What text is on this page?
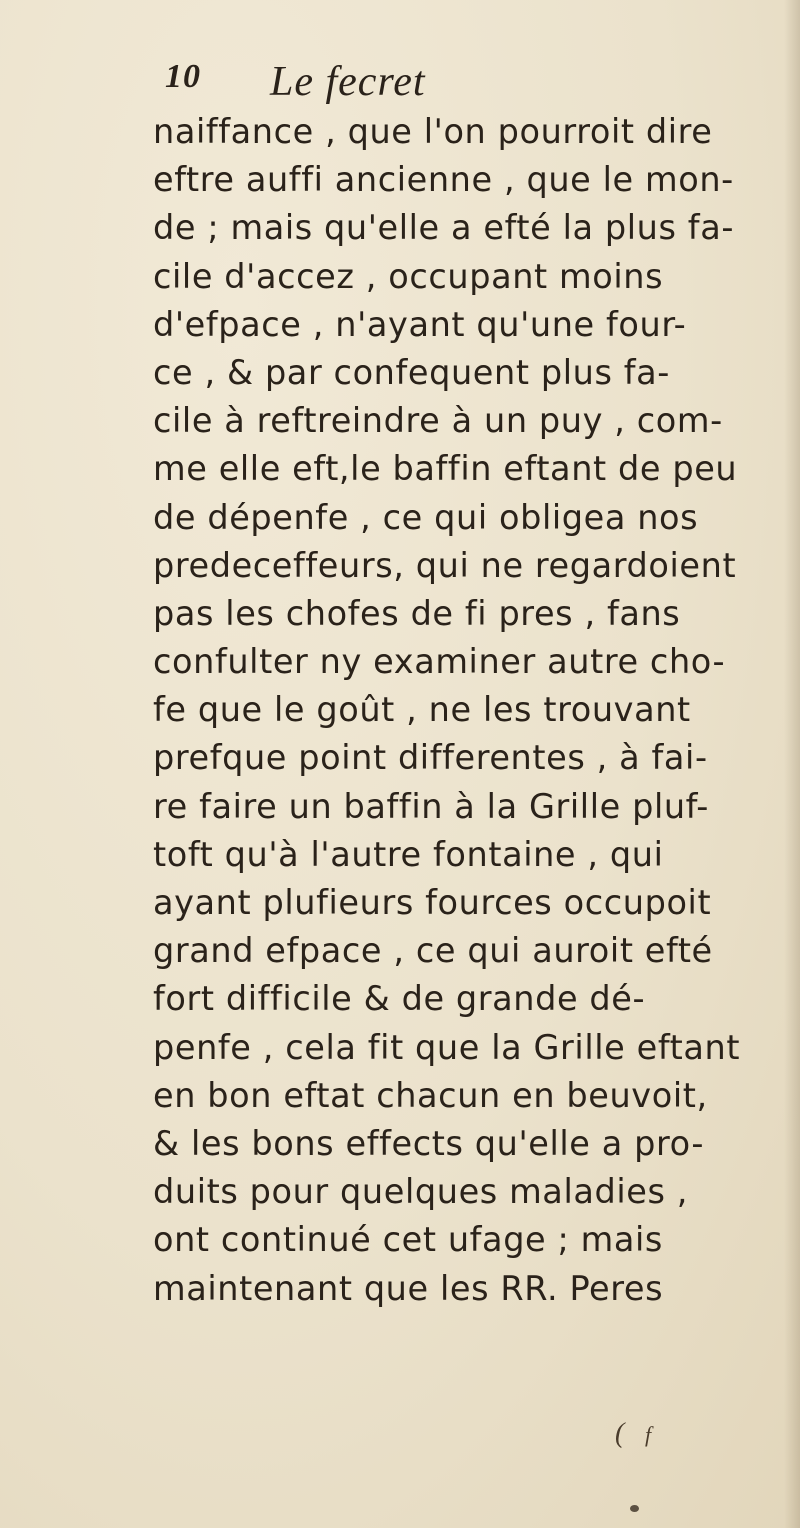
10 Le fecret
naiffance , que l'on pourroit dire
eftre auffi ancienne , que le mon-
de ; mais qu'elle a efté la plus fa-
cile d'accez , occupant moins
d'efpace , n'ayant qu'une four-
ce , & par confequent plus fa-
cile à reftreindre à un puy , com-
me elle eft,le baffin eftant de peu
de dépenfe , ce qui obligea nos
predeceffeurs, qui ne regardoient
pas les chofes de fi pres , fans
confulter ny examiner autre cho-
fe que le goût , ne les trouvant
prefque point differentes , à fai-
re faire un baffin à la Grille pluf-
toft qu'à l'autre fontaine , qui
ayant plufieurs fources occupoit
grand efpace , ce qui auroit efté
fort difficile & de grande dé-
penfe , cela fit que la Grille eftant
en bon eftat chacun en beuvoit,
& les bons effects qu'elle a pro-
duits pour quelques maladies ,
ont continué cet ufage ; mais
maintenant que les RR. Peres
( f
